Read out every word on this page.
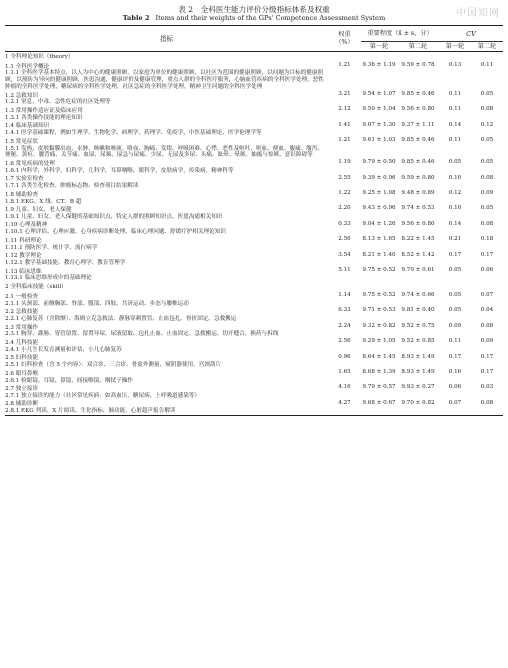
中国知网
表 2　全科医生能力评价分级指标体系及权重
Table 2 Items and their weights of the GPs' Competence Assessment System
指标	权重
（%）	重要程度（x̄ ± s，分）		CV	
		第一轮	第二轮	第一轮	第二轮
1 全科理论知识（theory）					

1.1 全科医学概论
1.1.1 全科医学基本特点，以人为中心的健康照顾，以家庭为单位的健康照顾，以社区为范围的健康照顾，以问题为目标的健康照顾，以预防为导向的健康照顾，医患沟通，健康评价及健康管理，重点人群的全科医疗服务，心脑血管疾病的全科医学处理，恶性肿瘤的全科医学处理，糖尿病的全科医学处理，社区急症的全科医学处理，精神卫生问题的全科医学处理	1.21	9.36 ± 1.19	9.59 ± 0.78	0.13	0.11

1.2 急救知识
1.2.1 窒息、中毒、急性危症的社区处理等	3.21	9.54 ± 1.07	9.85 ± 0.46	0.11	0.05

1.3 常用操作适应证及临床应用
1.3.1 各类操作技能的理论知识	2.12	9.50 ± 1.04	9.56 ± 0.80	0.11	0.08

1.4 临床基础知识
1.4.1 医学基础课程，例如生理学、生物化学、病理学、药理学、免疫学、中医基础理论、医学伦理学等	1.41	9.07 ± 1.30	9.37 ± 1.11	0.14	0.12

1.5 常见症状
1.5.1 发热、皮肤黏膜出血、水肿、咳嗽和咳痰、咯血、胸痛、发绀、呼吸困难、心悸、恶性及呕吐、呕血、便血、腹痛、腹泻、便秘、黄疸、腰背痛、关节痛、血尿、尿频、尿急与尿痛、少尿、无尿及多尿、头痛、眩晕、晕厥、抽搐与惊厥、意识障碍等	1.21	9.61 ± 1.03	9.85 ± 0.46	0.11	0.05

1.6 常见疾病的处理
1.6.1 内科学，外科学，妇科学，儿科学，耳鼻咽喉，眼科学，皮肤病学，传染病，精神科等	1.19	9.79 ± 0.50	9.85 ± 0.46	0.05	0.05

1.7 实验室检查
1.7.1 各类生化检查、肿瘤标志物、检查项目结果解读	2.55	9.39 ± 0.96	9.59 ± 0.80	0.10	0.08

1.8 辅助检查
1.8.1 EKG、X 线、CT、B 超	1.22	9.25 ± 1.08	9.48 ± 0.89	0.12	0.09

1.9 儿童、妇女、老人保健
1.9.1 儿童、妇女、老人保健的基础知识点，特定人群的照顾知识点、医患沟通相关知识	2.20	9.43 ± 0.96	9.74 ± 0.53	0.10	0.05

1.10 心理及精神
1.10.1 心理评估、心理应激、心身疾病诊断处理、临床心理问题、舒缓疗护相关理论知识	0.33	9.04 ± 1.26	9.56 ± 0.80	0.14	0.08

1.11 科研理论
1.11.1 预防医学、统计学、流行病学	2.56	8.13 ± 1.65	8.22 ± 1.45	0.21	0.18

1.12 教学理论
1.12.1 教学基础技能、教育心理学、教育管理学	3.54	8.21 ± 1.40	8.52 ± 1.42	0.17	0.17

1.13 临床思维
1.13.1 临床思维形成中的基础理论	5.11	9.75 ± 0.52	9.70 ± 0.61	0.05	0.06
2 全科临床技能（skill）					

2.1 一般检查
2.1.1 头颈部、前侧胸部、脊部、腹部、四肢、共济运动、步态与腰椎运动	1.14	9.75 ± 0.52	9.74 ± 0.66	0.05	0.07

2.2 急救技能
2.2.1 心肺复苏（含除颤）、海姆立克急救法、静脉穿刺置管、止血包扎、骨折固定、急救搬运	6.33	9.71 ± 0.53	9.81 ± 0.40	0.05	0.04

2.3 常用操作
2.3.1 胸穿、灌肠、胃管留置、留置导尿、尿液留取、包扎止血、止血固定、急救搬运、切开缝合、换药与拆线	2.24	9.32 ± 0.82	9.52 ± 0.75	0.09	0.08

2.4 儿科技能
2.4.1 小儿生长发育测量和评估、小儿心肺复苏	2.56	9.29 ± 1.05	9.52 ± 0.85	0.11	0.09

2.5 妇科技能
2.5.1 妇科检查（含 5 个内容）：双合诊、三合诊、骨盆外测量、窥阴器使用、宫颈刮片	0.96	8.64 ± 1.45	8.93 ± 1.49	0.17	0.17

2.6 眼耳鼻喉
2.6.1 检眼镜、耳镜、鼻镜、间接喉镜、咽拭子操作	1.65	8.68 ± 1.39	8.93 ± 1.49	0.16	0.17

2.7 独立接诊
2.7.1 独立接诊的能力（社区常见疾病：如高血压、糖尿病、上呼吸道感染等）	4.16	9.79 ± 0.57	9.93 ± 0.27	0.06	0.03

2.8 辅助诊断
2.8.1 EKG 判读、X 片阅读、生化指标、肺功能、心脏超声报告解读	4.27	9.68 ± 0.67	9.70 ± 0.82	0.07	0.08
